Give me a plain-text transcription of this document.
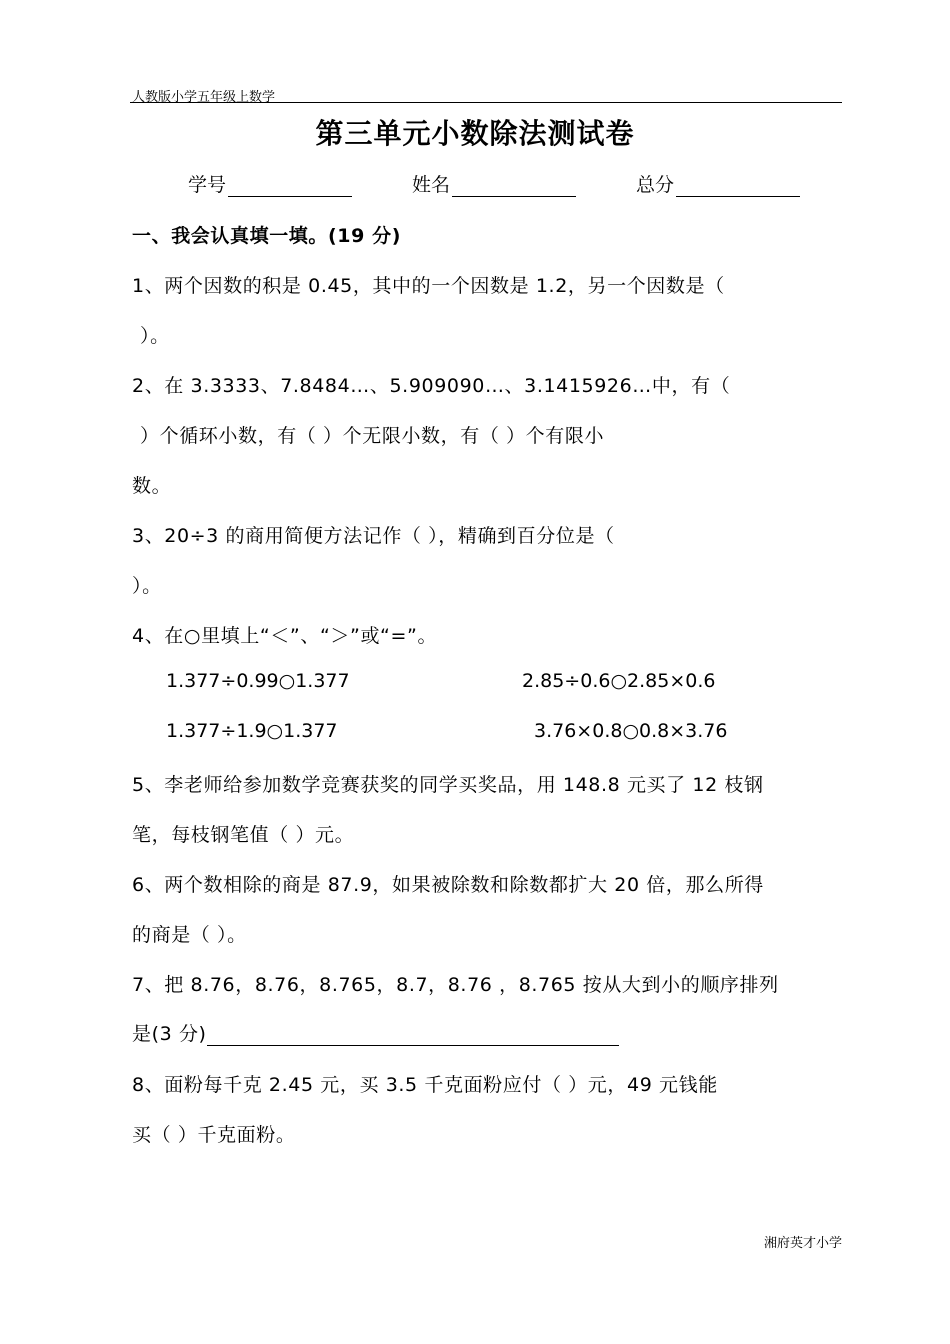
人教版小学五年级上数学
第三单元小数除法测试卷
学号	姓名	总分
一、我会认真填一填。(19 分)
1、两个因数的积是 0.45，其中的一个因数是 1.2，另一个因数是（
）。
2、在 3.3333、7.8484…、5.909090…、3.1415926…中，有（
）个循环小数，有（ ）个无限小数，有（ ）个有限小
数。
3、20÷3 的商用简便方法记作（ ），精确到百分位是（
）。
4、在○里填上“＜”、“＞”或“=”。
1.377÷0.99○1.377	2.85÷0.6○2.85×0.6
1.377÷1.9○1.377	3.76×0.8○0.8×3.76
5、李老师给参加数学竞赛获奖的同学买奖品，用 148.8 元买了 12 枝钢
笔，每枝钢笔值（ ）元。
6、两个数相除的商是 87.9，如果被除数和除数都扩大 20 倍，那么所得
的商是（ ）。
7、把 8.76，8.76，8.765，8.7，8.76 ，8.765 按从大到小的顺序排列
是(3 分)
8、面粉每千克 2.45 元，买 3.5 千克面粉应付（ ）元，49 元钱能
买（ ）千克面粉。
湘府英才小学
